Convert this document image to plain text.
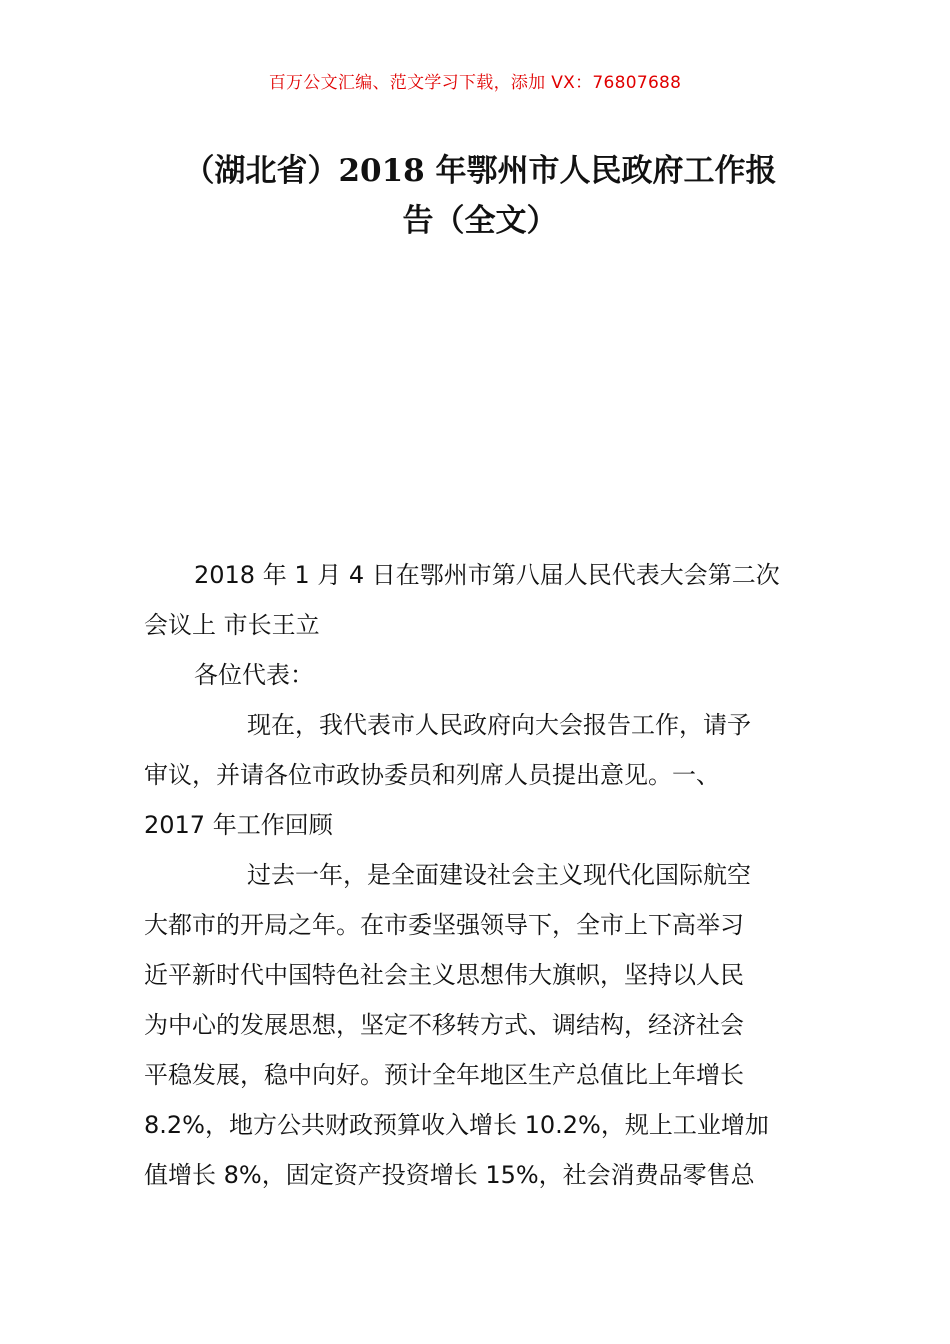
百万公文汇编、范文学习下载，添加 VX：76807688
（湖北省）2018 年鄂州市人民政府工作报
告（全文）
2018 年 1 月 4 日在鄂州市第八届人民代表大会第二次
会议上 市长王立
各位代表：
现在，我代表市人民政府向大会报告工作，请予
审议，并请各位市政协委员和列席人员提出意见。一、
2017 年工作回顾
过去一年，是全面建设社会主义现代化国际航空
大都市的开局之年。在市委坚强领导下，全市上下高举习
近平新时代中国特色社会主义思想伟大旗帜，坚持以人民
为中心的发展思想，坚定不移转方式、调结构，经济社会
平稳发展，稳中向好。预计全年地区生产总值比上年增长
8.2%，地方公共财政预算收入增长 10.2%，规上工业增加
值增长 8%，固定资产投资增长 15%，社会消费品零售总
